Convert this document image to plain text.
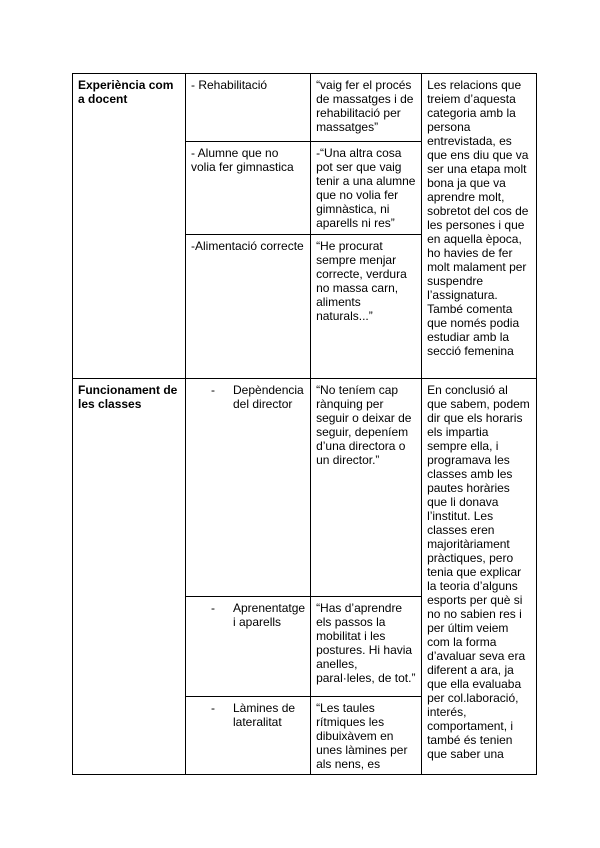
Experiència com a docent	- Rehabilitació	“vaig fer el procés de massatges i de rehabilitació per massatges”	Les relacions que treiem d’aquesta categoria amb la persona entrevistada, es que ens diu que va ser una etapa molt bona ja que va aprendre molt, sobretot del cos de les persones i que en aquella època, ho havies de fer molt malament per suspendre l’assignatura. També comenta que només podia estudiar amb la secció femenina

	- Alumne que no volia fer gimnastica	-“Una altra cosa pot ser que vaig tenir a una alumne que no volia fer gimnàstica, ni aparells ni res”	

	-Alimentació correcte	“He procurat sempre menjar correcte, verdura no massa carn, aliments naturals...”	

Funcionament de les classes	- Depèndencia del director	“No teníem cap rànquing per seguir o deixar de seguir, depeníem d’una directora o un director.”	En conclusió al que sabem, podem dir que els horaris els impartia sempre ella, i programava les classes amb les pautes horàries que li donava l’institut. Les classes eren majoritàriament pràctiques, pero tenia que explicar la teoria d’alguns esports per què si no no sabien res i per últim veiem com la forma d’avaluar seva era diferent a ara, ja que ella evaluaba per col.laboració, interés, comportament, i també és tenien que saber una

	- Aprenentatge i aparells	“Has d’aprendre els passos la mobilitat i les postures. Hi havia anelles, paral·leles, de tot.”	

	- Làmines de lateralitat	“Les taules rítmiques les dibuixàvem en unes làmines per als nens, es	
